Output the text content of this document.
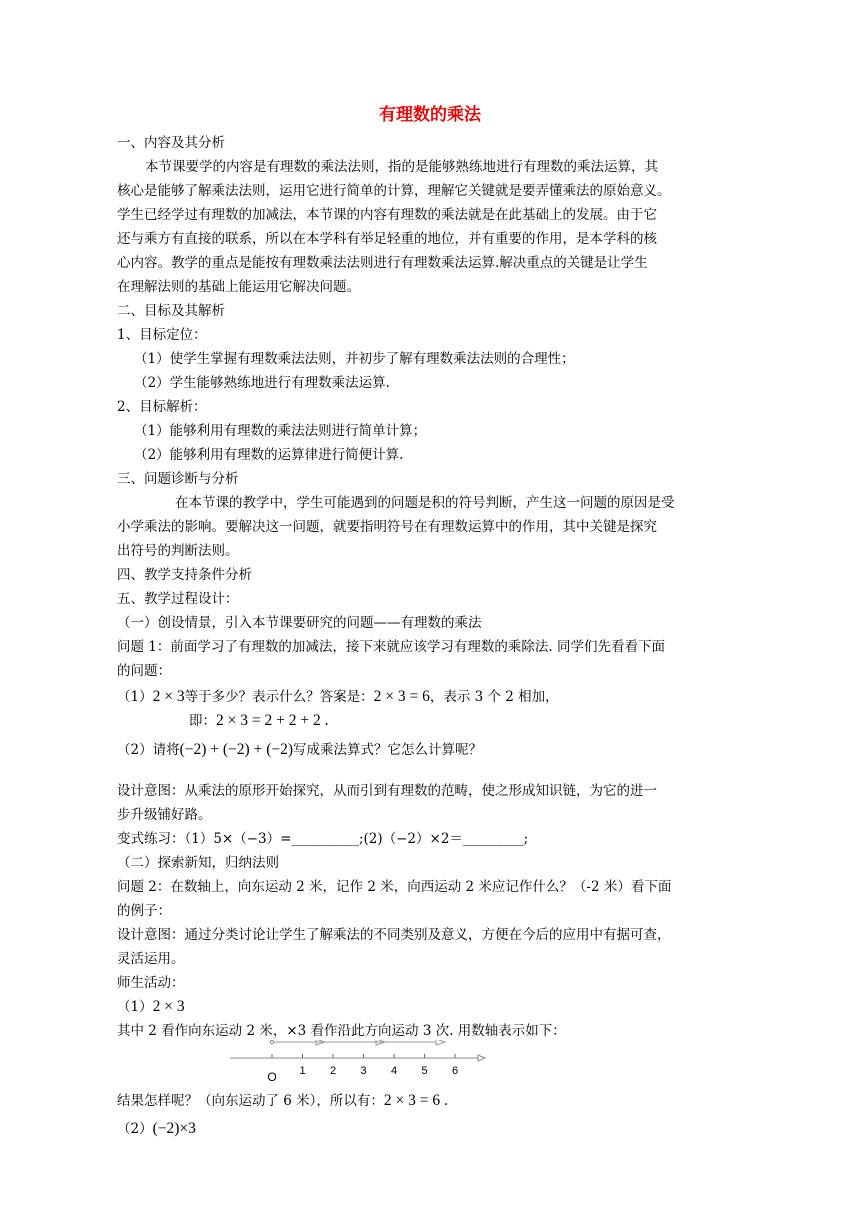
有理数的乘法
一、内容及其分析
本节课要学的内容是有理数的乘法法则，指的是能够熟练地进行有理数的乘法运算，其
核心是能够了解乘法法则，运用它进行简单的计算，理解它关键就是要弄懂乘法的原始意义。
学生已经学过有理数的加减法，本节课的内容有理数的乘法就是在此基础上的发展。由于它
还与乘方有直接的联系，所以在本学科有举足轻重的地位，并有重要的作用，是本学科的核
心内容。教学的重点是能按有理数乘法法则进行有理数乘法运算.解决重点的关键是让学生
在理解法则的基础上能运用它解决问题。
二、目标及其解析
1、目标定位：
（1）使学生掌握有理数乘法法则，并初步了解有理数乘法法则的合理性；
（2）学生能够熟练地进行有理数乘法运算.
2、目标解析：
（1）能够利用有理数的乘法法则进行简单计算；
（2）能够利用有理数的运算律进行简便计算.
三、问题诊断与分析
在本节课的教学中，学生可能遇到的问题是积的符号判断，产生这一问题的原因是受
小学乘法的影响。要解决这一问题，就要指明符号在有理数运算中的作用，其中关键是探究
出符号的判断法则。
四、教学支持条件分析
五、教学过程设计：
（一）创设情景，引入本节课要研究的问题——有理数的乘法
问题 1：前面学习了有理数的加减法，接下来就应该学习有理数的乘除法. 同学们先看看下面
的问题：
（1）2 × 3等于多少？表示什么？答案是：2 × 3 = 6，表示 3 个 2 相加，
即：2 × 3 = 2 + 2 + 2 .
（2）请将(−2) + (−2) + (−2)写成乘法算式？它怎么计算呢？
设计意图：从乘法的原形开始探究，从而引到有理数的范畴，使之形成知识链，为它的进一
步升级铺好路。
变式练习：（1）5×（−3）=__________;(2)（−2）×2＝_________;
（二）探索新知，归纳法则
问题 2：在数轴上，向东运动 2 米，记作 2 米，向西运动 2 米应记作什么？（-2 米）看下面
的例子：
设计意图：通过分类讨论让学生了解乘法的不同类别及意义，方便在今后的应用中有据可查，
灵活运用。
师生活动：
（1）2 × 3
其中 2 看作向东运动 2 米，×3 看作沿此方向运动 3 次. 用数轴表示如下：
1 2 3 4 5 6
O
结果怎样呢？（向东运动了 6 米），所以有：2 × 3 = 6 .
（2）(−2)×3
